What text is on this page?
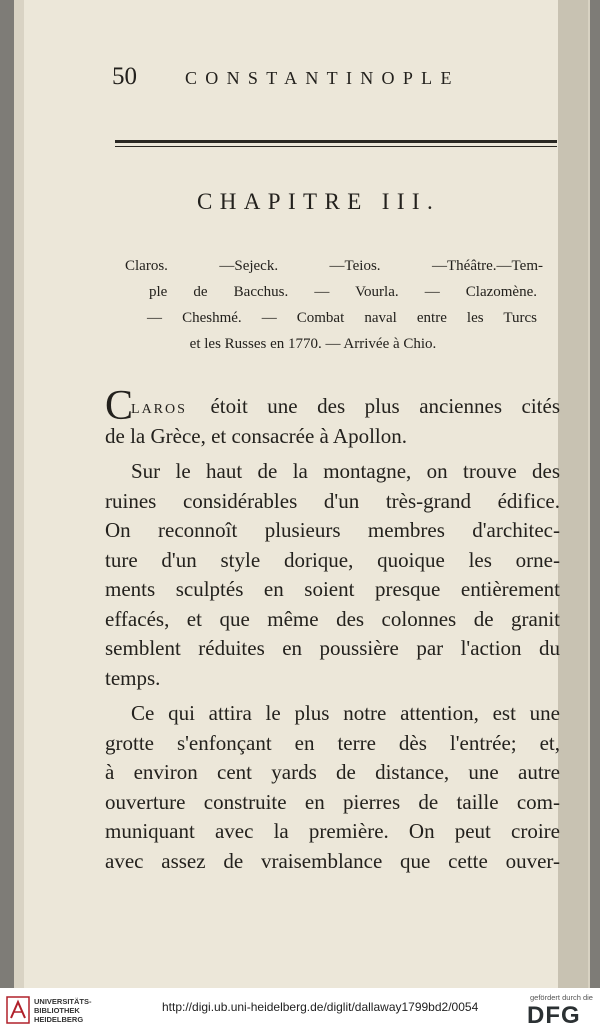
50	CONSTANTINOPLE
CHAPITRE III.
Claros. —Sejeck. —Teios. —Théâtre.—Tem-
ple de Bacchus. — Vourla. — Clazomène.
— Cheshmé. — Combat naval entre les Turcs
et les Russes en 1770. — Arrivée à Chio.
CLAROS étoit une des plus anciennes cités
de la Grèce, et consacrée à Apollon.
Sur le haut de la montagne, on trouve des
ruines considérables d'un très-grand édifice.
On reconnoît plusieurs membres d'architec-
ture d'un style dorique, quoique les orne-
ments sculptés en soient presque entièrement
effacés, et que même des colonnes de granit
semblent réduites en poussière par l'action du
temps.
Ce qui attira le plus notre attention, est une
grotte s'enfonçant en terre dès l'entrée; et,
à environ cent yards de distance, une autre
ouverture construite en pierres de taille com-
muniquant avec la première. On peut croire
avec assez de vraisemblance que cette ouver-
UNIVERSITÄTS-
BIBLIOTHEK
HEIDELBERG
http://digi.ub.uni-heidelberg.de/diglit/dallaway1799bd2/0054
gefördert durch die
DFG
